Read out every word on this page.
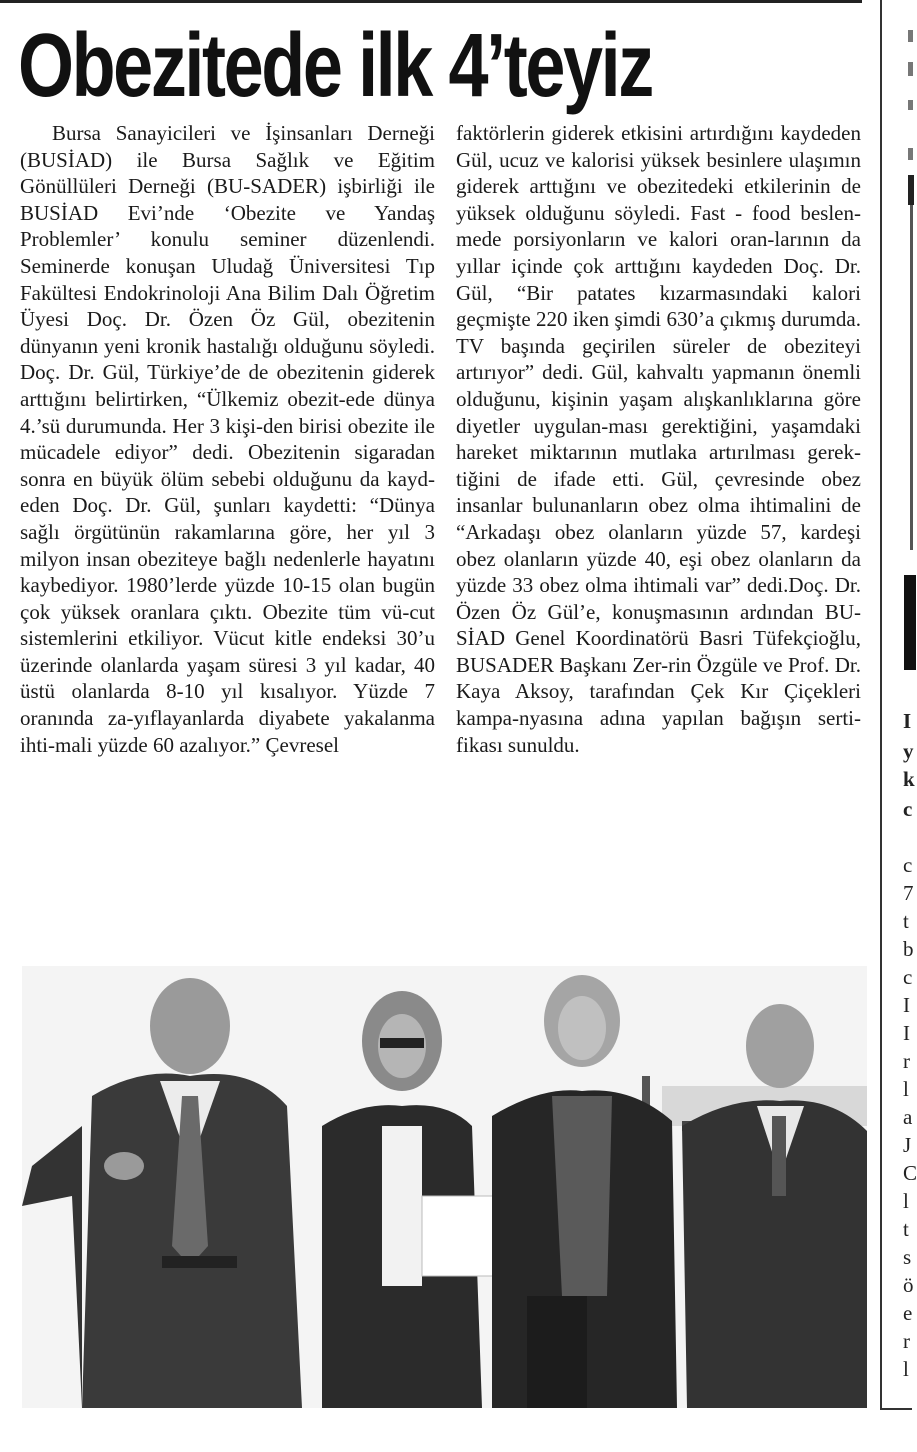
Obezitede ilk 4’teyiz

Bursa Sanayicileri ve İşinsanları Derneği (BUSİAD) ile Bursa Sağlık ve Eğitim Gönüllüleri Derneği (BU-SADER) işbirliği ile BUSİAD Evi’nde ‘Obezite ve Yandaş Problemler’ konulu seminer düzenlendi. Seminerde konuşan Uludağ Üniversitesi Tıp Fakültesi Endokrinoloji Ana Bilim Dalı Öğretim Üyesi Doç. Dr. Özen Öz Gül, obezitenin dünyanın yeni kronik hastalığı olduğunu söyledi. Doç. Dr. Gül, Türkiye’de de obezitenin giderek arttığını belirtirken, “Ülkemiz obezit-ede dünya 4.’sü durumunda. Her 3 kişi-den birisi obezite ile mücadele ediyor” dedi. Obezitenin sigaradan sonra en büyük ölüm sebebi olduğunu da kayd-eden Doç. Dr. Gül, şunları kaydetti: “Dünya sağlı örgütünün rakamlarına göre, her yıl 3 milyon insan obeziteye bağlı nedenlerle hayatını kaybediyor. 1980’lerde yüzde 10-15 olan bugün çok yüksek oranlara çıktı. Obezite tüm vü-cut sistemlerini etkiliyor. Vücut kitle endeksi 30’u üzerinde olanlarda yaşam süresi 3 yıl kadar, 40 üstü olanlarda 8-10 yıl kısalıyor. Yüzde 7 oranında za-yıflayanlarda diyabete yakalanma ihti-mali yüzde 60 azalıyor.” Çevresel

faktörlerin giderek etkisini artırdığını kaydeden Gül, ucuz ve kalorisi yüksek besinlere ulaşımın giderek arttığını ve obezitedeki etkilerinin de yüksek olduğunu söyledi. Fast - food beslen-mede porsiyonların ve kalori oran-larının da yıllar içinde çok arttığını kaydeden Doç. Dr. Gül, “Bir patates kızarmasındaki kalori geçmişte 220 iken şimdi 630’a çıkmış durumda. TV başında geçirilen süreler de obeziteyi artırıyor” dedi. Gül, kahvaltı yapmanın önemli olduğunu, kişinin yaşam alışkanlıklarına göre diyetler uygulan-ması gerektiğini, yaşamdaki hareket miktarının mutlaka artırılması gerek-tiğini de ifade etti. Gül, çevresinde obez insanlar bulunanların obez olma ihtimalini de “Arkadaşı obez olanların yüzde 57, kardeşi obez olanların yüzde 40, eşi obez olanların da yüzde 33 obez olma ihtimali var” dedi.Doç. Dr. Özen Öz Gül’e, konuşmasının ardından BU-SİAD Genel Koordinatörü Basri Tüfekçioğlu, BUSADER Başkanı Zer-rin Özgüle ve Prof. Dr. Kaya Aksoy, tarafından Çek Kır Çiçekleri kampa-nyasına adına yapılan bağışın serti-fikası sunuldu.

I
y
k
c
c
7
t
b
c
I
I
r
l
a
J
C
l
t
s
ö
e
r
l
